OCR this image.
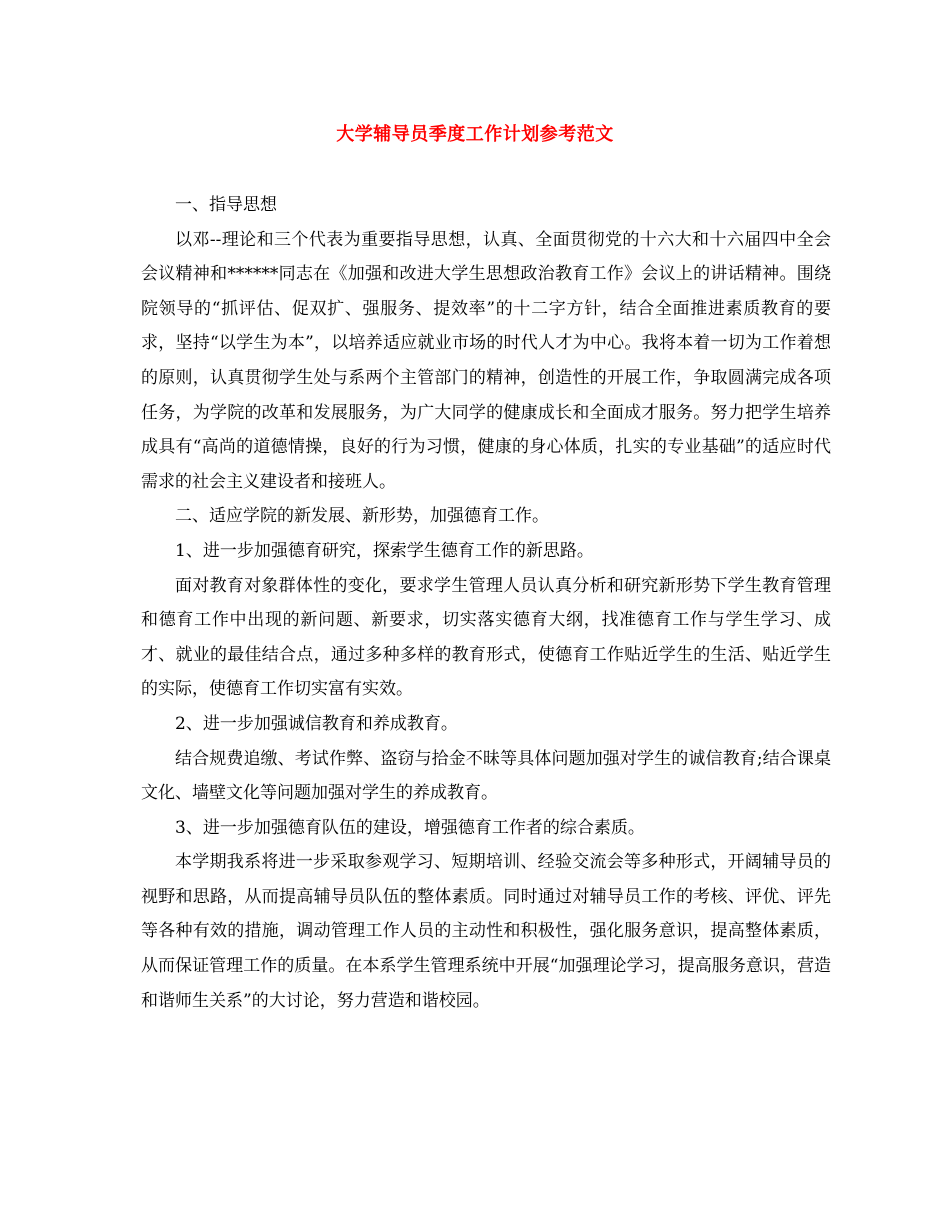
大学辅导员季度工作计划参考范文

一、指导思想

以邓--理论和三个代表为重要指导思想，认真、全面贯彻党的十六大和十六届四中全会会议精神和******同志在《加强和改进大学生思想政治教育工作》会议上的讲话精神。围绕院领导的“抓评估、促双扩、强服务、提效率”的十二字方针，结合全面推进素质教育的要求，坚持“以学生为本”，以培养适应就业市场的时代人才为中心。我将本着一切为工作着想的原则，认真贯彻学生处与系两个主管部门的精神，创造性的开展工作，争取圆满完成各项任务，为学院的改革和发展服务，为广大同学的健康成长和全面成才服务。努力把学生培养成具有“高尚的道德情操，良好的行为习惯，健康的身心体质，扎实的专业基础”的适应时代需求的社会主义建设者和接班人。

二、适应学院的新发展、新形势，加强德育工作。

1、进一步加强德育研究，探索学生德育工作的新思路。

面对教育对象群体性的变化，要求学生管理人员认真分析和研究新形势下学生教育管理和德育工作中出现的新问题、新要求，切实落实德育大纲，找准德育工作与学生学习、成才、就业的最佳结合点，通过多种多样的教育形式，使德育工作贴近学生的生活、贴近学生的实际，使德育工作切实富有实效。

2、进一步加强诚信教育和养成教育。

结合规费追缴、考试作弊、盗窃与拾金不昧等具体问题加强对学生的诚信教育;结合课桌文化、墙壁文化等问题加强对学生的养成教育。

3、进一步加强德育队伍的建设，增强德育工作者的综合素质。

本学期我系将进一步采取参观学习、短期培训、经验交流会等多种形式，开阔辅导员的视野和思路，从而提高辅导员队伍的整体素质。同时通过对辅导员工作的考核、评优、评先等各种有效的措施，调动管理工作人员的主动性和积极性，强化服务意识，提高整体素质，从而保证管理工作的质量。在本系学生管理系统中开展“加强理论学习，提高服务意识，营造和谐师生关系”的大讨论，努力营造和谐校园。
